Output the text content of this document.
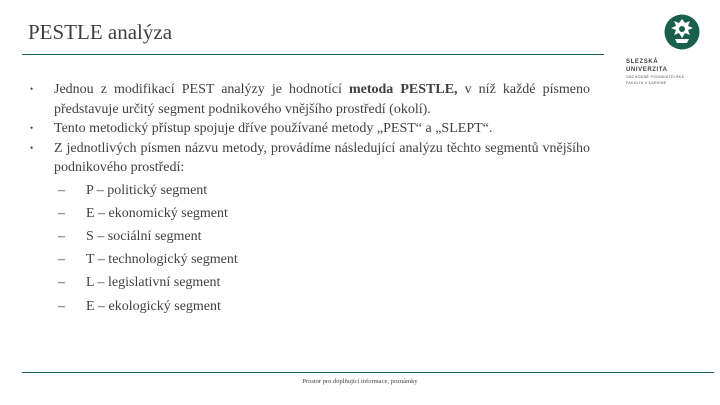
PESTLE analýza
SLEZSKÁ
UNIVERZITA
OBCHODNĚ PODNIKATELSKÁ
FAKULTA V KARVINÉ
• Jednou z modifikací PEST analýzy je hodnotící metoda PESTLE, v níž každé písmeno představuje určitý segment podnikového vnějšího prostředí (okolí).
• Tento metodický přístup spojuje dříve používané metody „PEST“ a „SLEPT“.
• Z jednotlivých písmen názvu metody, provádíme následující analýzu těchto segmentů vnějšího podnikového prostředí:
– P – politický segment
– E – ekonomický segment
– S – sociální segment
– T – technologický segment
– L – legislativní segment
– E – ekologický segment
Prostor pro doplňující informace, poznámky
